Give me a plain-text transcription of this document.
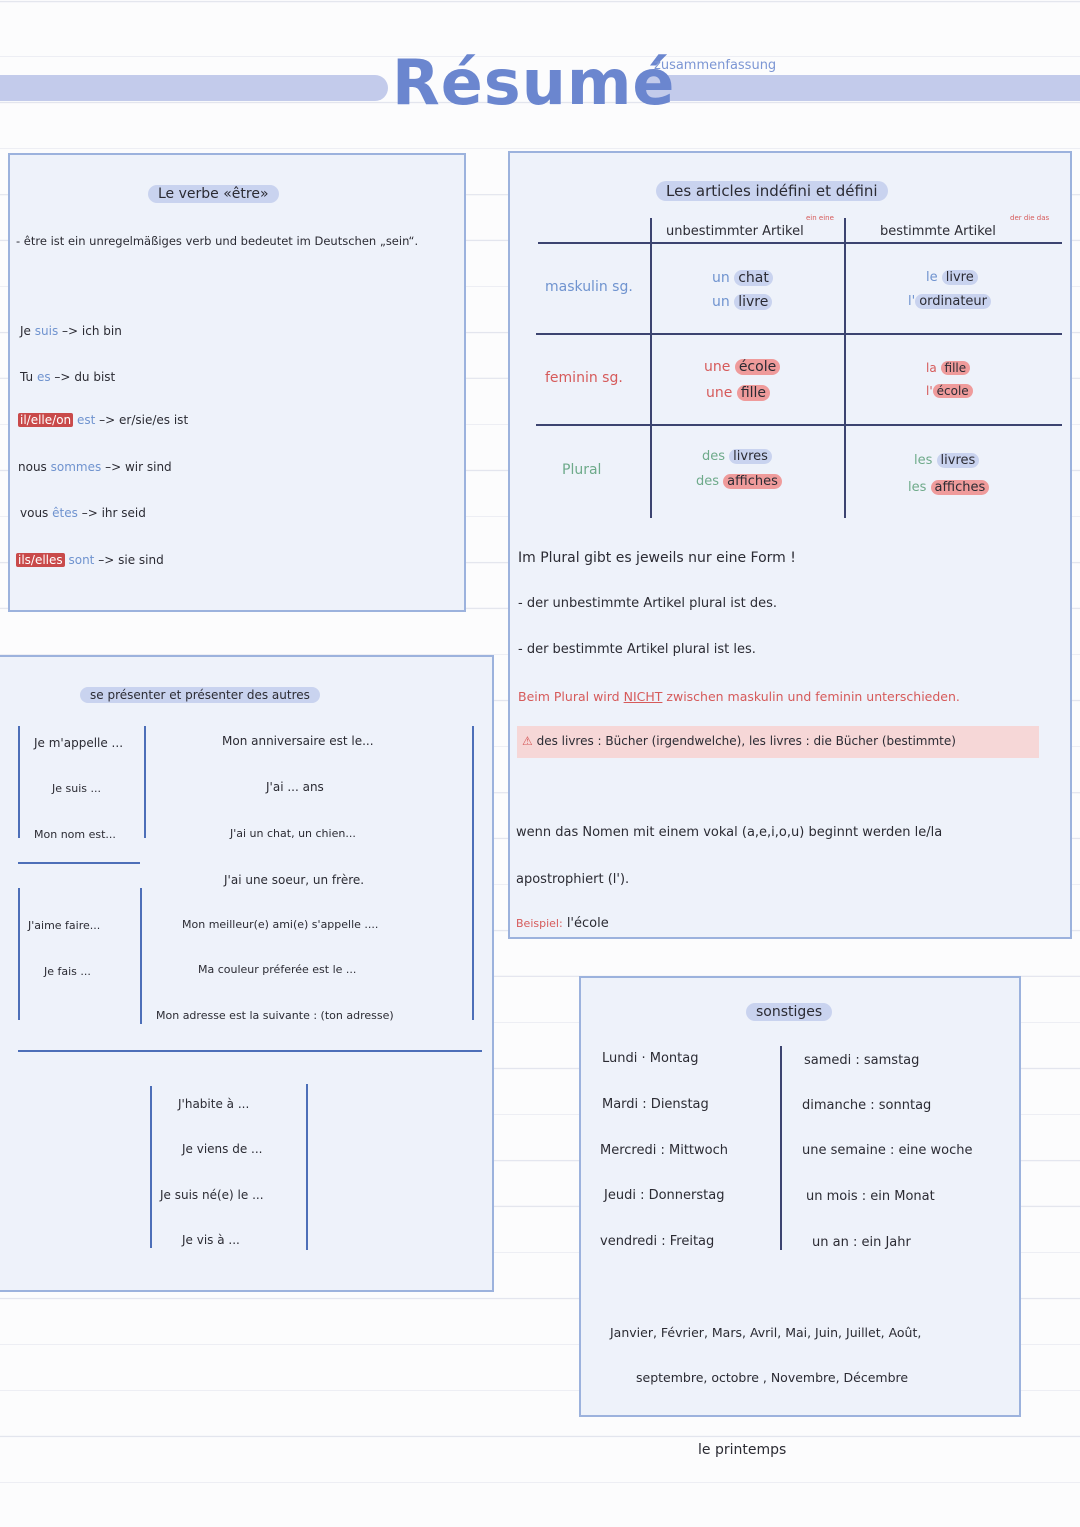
Résumé
zusammenfassung
Le verbe «être»
- être ist ein unregelmäßiges verb und bedeutet im Deutschen „sein“.
Je suis –> ich bin
Tu es –> du bist
il/elle/on est –> er/sie/es ist
nous sommes –> wir sind
vous êtes –> ihr seid
ils/elles sont –> sie sind
Les articles indéfini et défini
ein eine
unbestimmter Artikel
der die das
bestimmte Artikel
maskulin sg.
feminin sg.
Plural
un chat
un livre
le livre
l' ordinateur
une école
une fille
la fille
l' école
des livres
des affiches
les livres
les affiches
Im Plural gibt es jeweils nur eine Form !
- der unbestimmte Artikel plural ist des.
- der bestimmte Artikel plural ist les.
Beim Plural wird NICHT zwischen maskulin und feminin unterschieden.
⚠ des livres : Bücher (irgendwelche), les livres : die Bücher (bestimmte)
wenn das Nomen mit einem vokal (a,e,i,o,u) beginnt werden le/la
apostrophiert (l').
Beispiel: l'école
se présenter et présenter des autres
Je m'appelle ...
Je suis ...
Mon nom est...
J'aime faire...
Je fais ...
Mon anniversaire est le...
J'ai ... ans
J'ai un chat, un chien...
J'ai une soeur, un frère.
Mon meilleur(e) ami(e) s'appelle ....
Ma couleur préferée est le ...
Mon adresse est la suivante : (ton adresse)
J'habite à ...
Je viens de ...
Je suis né(e) le ...
Je vis à ...
sonstiges
Lundi · Montag
Mardi : Dienstag
Mercredi : Mittwoch
Jeudi : Donnerstag
vendredi : Freitag
samedi : samstag
dimanche : sonntag
une semaine : eine woche
un mois : ein Monat
un an : ein Jahr
Janvier, Février, Mars, Avril, Mai, Juin, Juillet, Août,
septembre, octobre , Novembre, Décembre
le printemps
